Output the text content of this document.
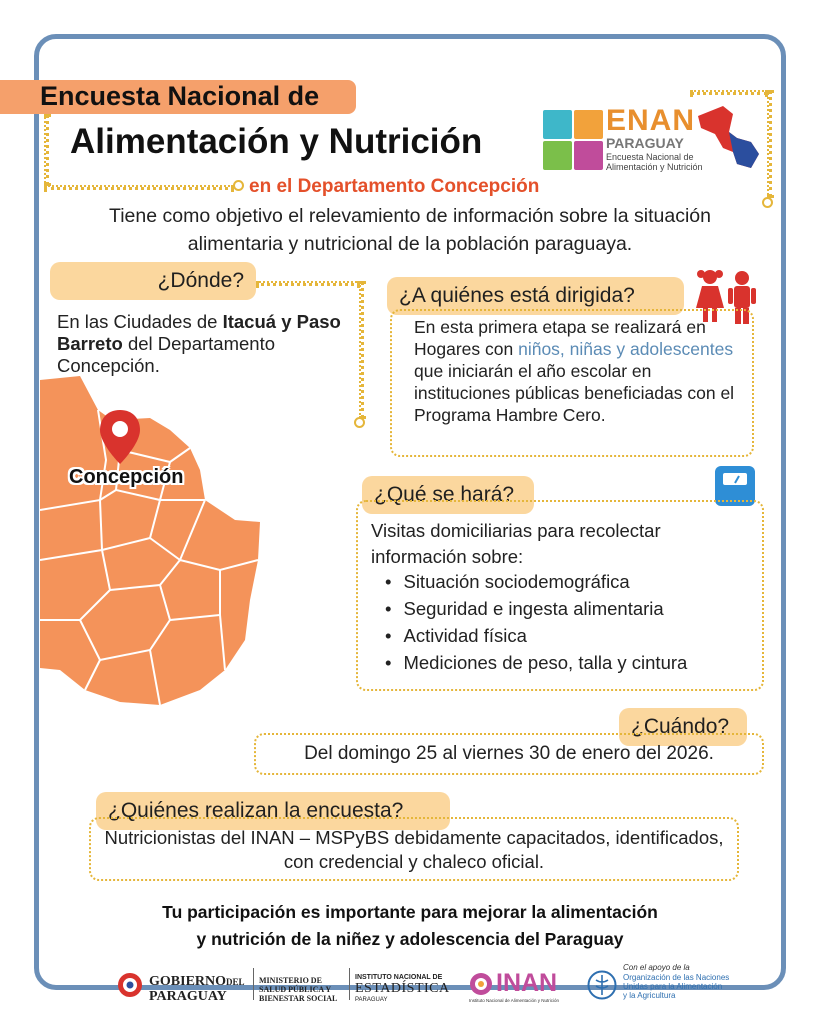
Encuesta Nacional de
Alimentación y Nutrición
en el Departamento Concepción
ENAN
PARAGUAY
Encuesta Nacional de
Alimentación y Nutrición
Tiene como objetivo el relevamiento de información sobre la situación alimentaria y nutricional de la población paraguaya.
¿Dónde?
En las Ciudades de Itacuá y Paso Barreto del Departamento Concepción.
Concepción
¿A quiénes está dirigida?
En esta primera etapa se realizará en Hogares con niños, niñas y adolescentes que iniciarán el año escolar en instituciones públicas beneficiadas con el Programa Hambre Cero.
¿Qué se hará?
Visitas domiciliarias para recolectar información sobre:
• Situación sociodemográfica
• Seguridad e ingesta alimentaria
• Actividad física
• Mediciones de peso, talla y cintura
¿Cuándo?
Del domingo 25 al viernes 30 de enero del 2026.
¿Quiénes realizan la encuesta?
Nutricionistas del INAN – MSPyBS debidamente capacitados, identificados, con credencial y chaleco oficial.
Tu participación es importante para mejorar la alimentación
y nutrición de la niñez y adolescencia del Paraguay
GOBIERNODEL
PARAGUAY
MINISTERIO DE
SALUD PÚBLICA Y
BIENESTAR SOCIAL
INSTITUTO NACIONAL DE
ESTADÍSTICA
PARAGUAY
INAN
Instituto Nacional de Alimentación y Nutrición
Con el apoyo de la
Organización de las Naciones
Unidas para la Alimentación
y la Agricultura
